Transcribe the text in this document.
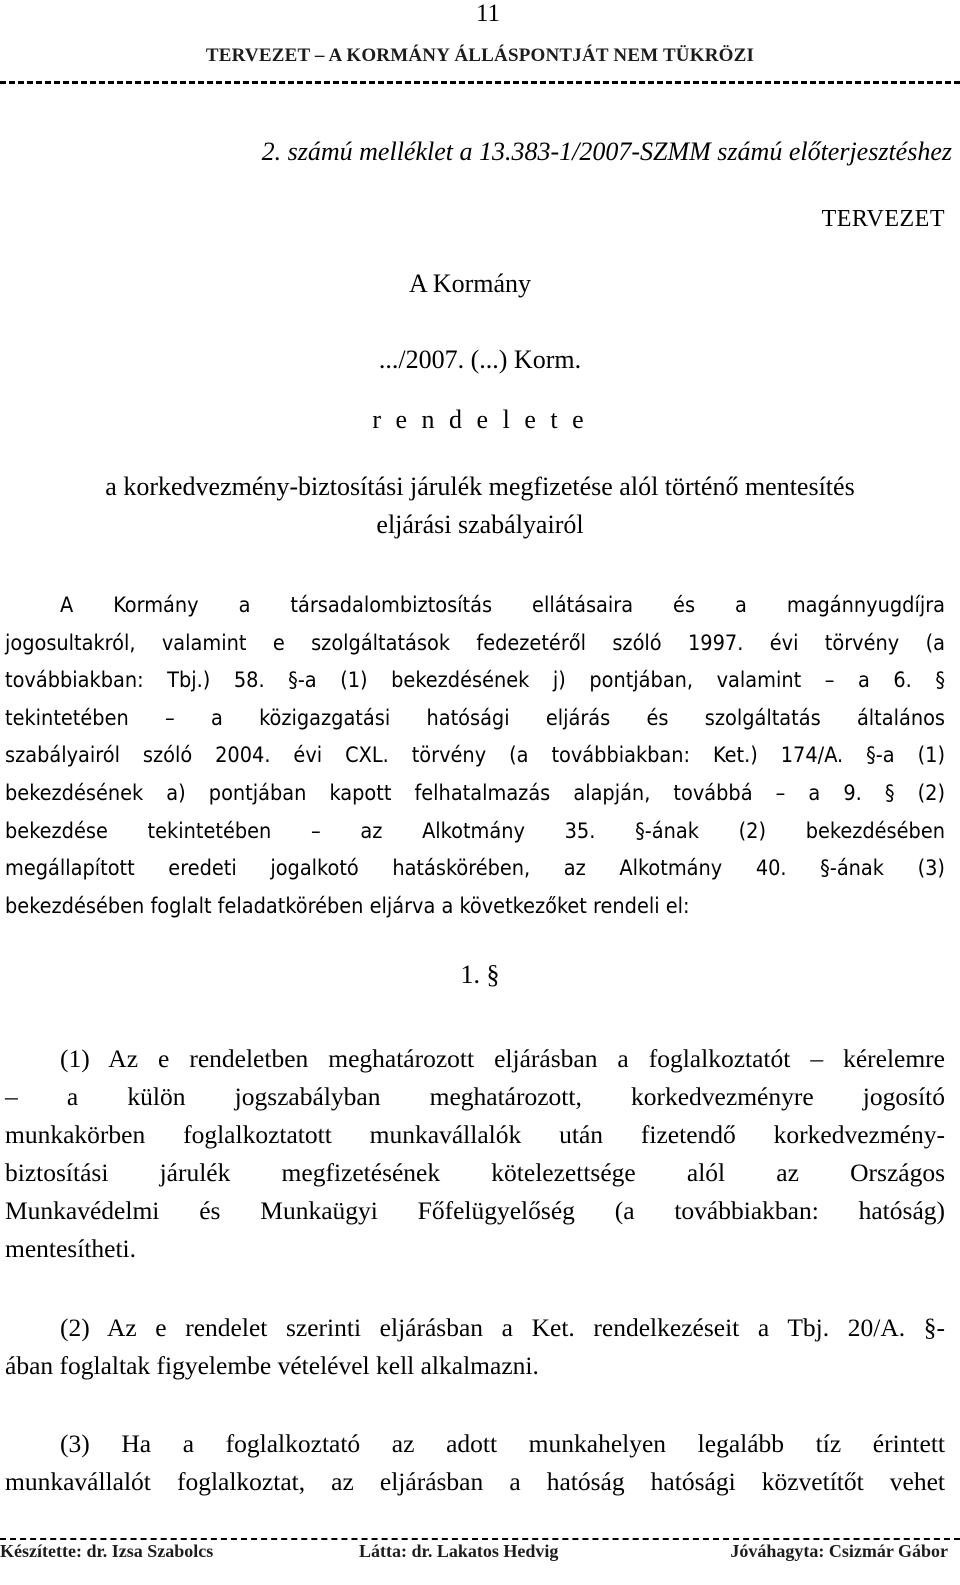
11
TERVEZET – A KORMÁNY ÁLLÁSPONTJÁT NEM TÜKRÖZI
2. számú melléklet a 13.383-1/2007-SZMM számú előterjesztéshez
TERVEZET
A Kormány
.../2007. (...) Korm.
r e n d e l e t e
a korkedvezmény-biztosítási járulék megfizetése alól történő mentesítés
eljárási szabályairól
A Kormány a társadalombiztosítás ellátásaira és a magánnyugdíjra
jogosultakról, valamint e szolgáltatások fedezetéről szóló 1997. évi törvény (a
továbbiakban: Tbj.) 58. §-a (1) bekezdésének j) pontjában, valamint – a 6. §
tekintetében – a közigazgatási hatósági eljárás és szolgáltatás általános
szabályairól szóló 2004. évi CXL. törvény (a továbbiakban: Ket.) 174/A. §-a (1)
bekezdésének a) pontjában kapott felhatalmazás alapján, továbbá – a 9. § (2)
bekezdése tekintetében – az Alkotmány 35. §-ának (2) bekezdésében
megállapított eredeti jogalkotó hatáskörében, az Alkotmány 40. §-ának (3)
bekezdésében foglalt feladatkörében eljárva a következőket rendeli el:
1. §
(1) Az e rendeletben meghatározott eljárásban a foglalkoztatót – kérelemre
– a külön jogszabályban meghatározott, korkedvezményre jogosító
munkakörben foglalkoztatott munkavállalók után fizetendő korkedvezmény-
biztosítási járulék megfizetésének kötelezettsége alól az Országos
Munkavédelmi és Munkaügyi Főfelügyelőség (a továbbiakban: hatóság)
mentesítheti.
(2) Az e rendelet szerinti eljárásban a Ket. rendelkezéseit a Tbj. 20/A. §-
ában foglaltak figyelembe vételével kell alkalmazni.
(3) Ha a foglalkoztató az adott munkahelyen legalább tíz érintett
munkavállalót foglalkoztat, az eljárásban a hatóság hatósági közvetítőt vehet
Készítette: dr. Izsa Szabolcs	Látta: dr. Lakatos Hedvig	Jóváhagyta: Csizmár Gábor
